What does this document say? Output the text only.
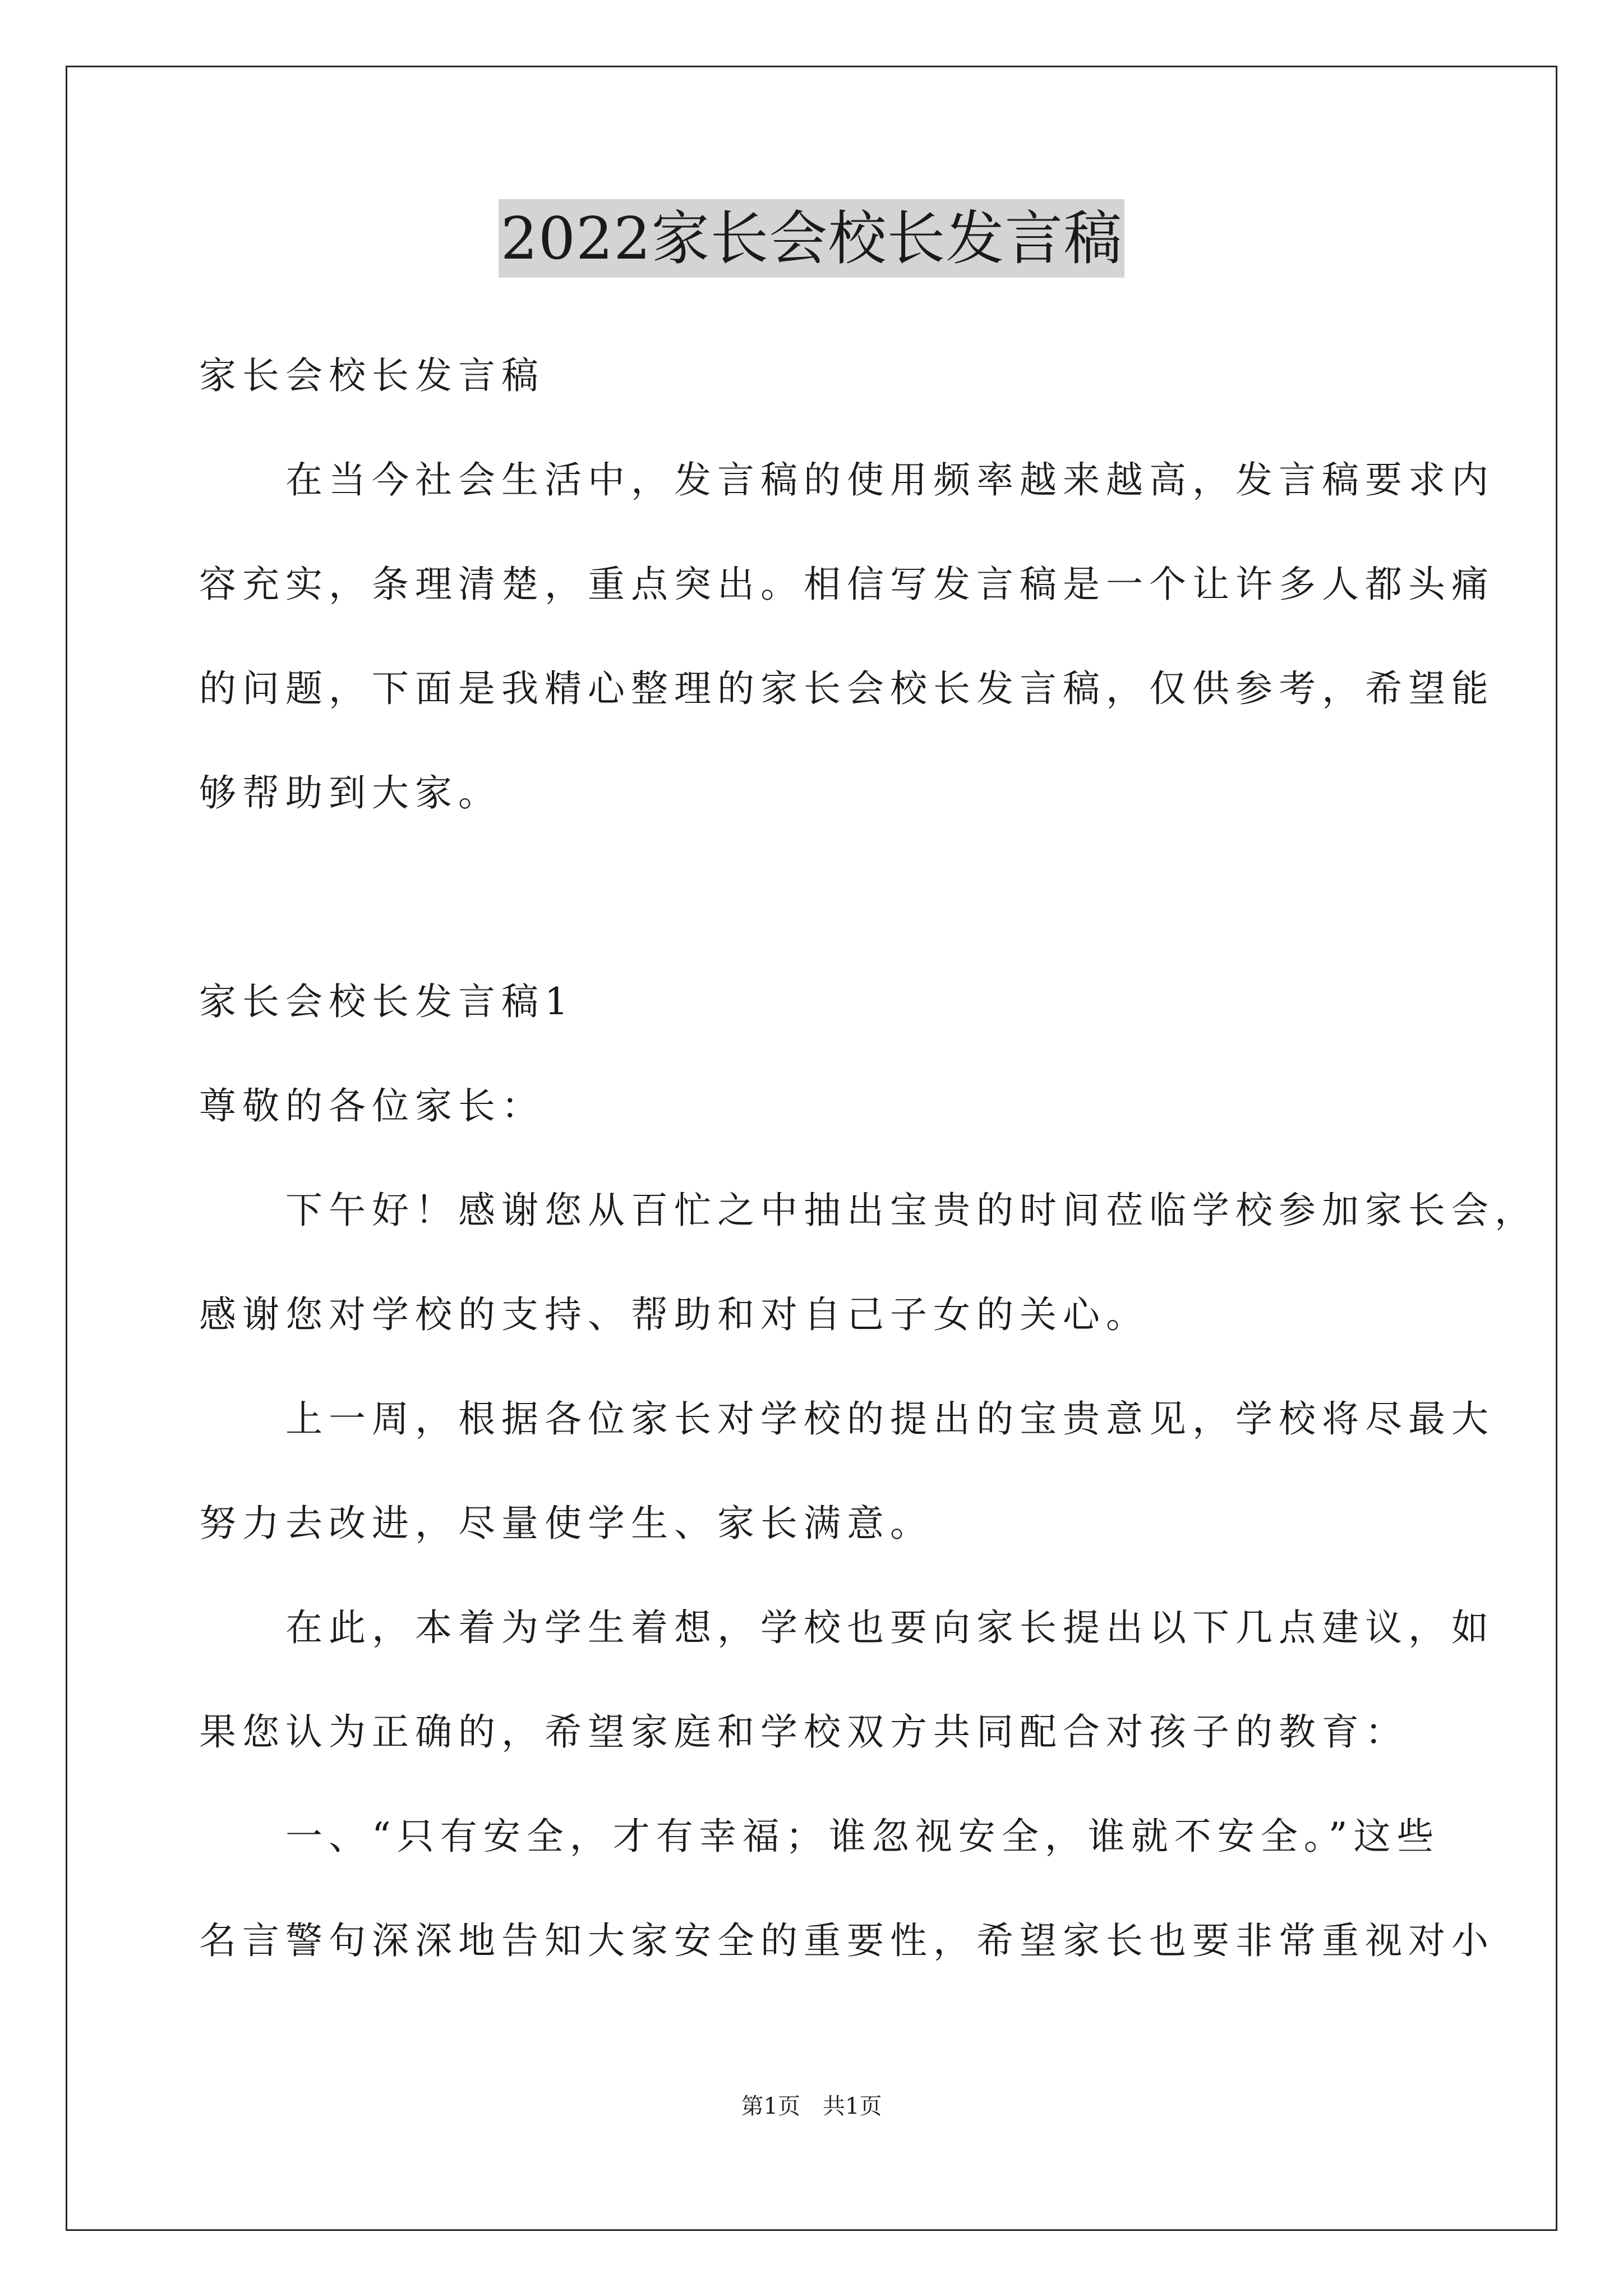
2022家长会校长发言稿
家长会校长发言稿
　　在当今社会生活中，发言稿的使用频率越来越高，发言稿要求内
容充实，条理清楚，重点突出。相信写发言稿是一个让许多人都头痛
的问题，下面是我精心整理的家长会校长发言稿，仅供参考，希望能
够帮助到大家。
家长会校长发言稿1
尊敬的各位家长：
　　下午好！感谢您从百忙之中抽出宝贵的时间莅临学校参加家长会，
感谢您对学校的支持、帮助和对自己子女的关心。
　　上一周，根据各位家长对学校的提出的宝贵意见，学校将尽最大
努力去改进，尽量使学生、家长满意。
　　在此，本着为学生着想，学校也要向家长提出以下几点建议，如
果您认为正确的，希望家庭和学校双方共同配合对孩子的教育：
　　一、“只有安全，才有幸福；谁忽视安全，谁就不安全。”这些
名言警句深深地告知大家安全的重要性，希望家长也要非常重视对小
第1页　共1页
